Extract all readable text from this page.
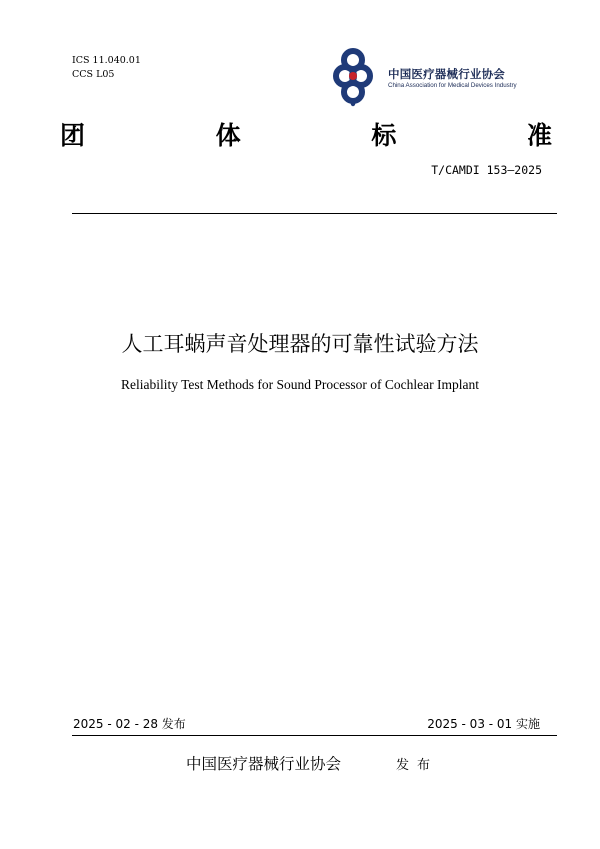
ICS 11.040.01
CCS L05	中国医疗器械行业协会
China Association for Medical Devices Industry
团	体	标	准
T/CAMDI 153—2025
人工耳蜗声音处理器的可靠性试验方法
Reliability Test Methods for Sound Processor of Cochlear Implant
2025 - 02 - 28 发布	2025 - 03 - 01 实施
中国医疗器械行业协会	发布
